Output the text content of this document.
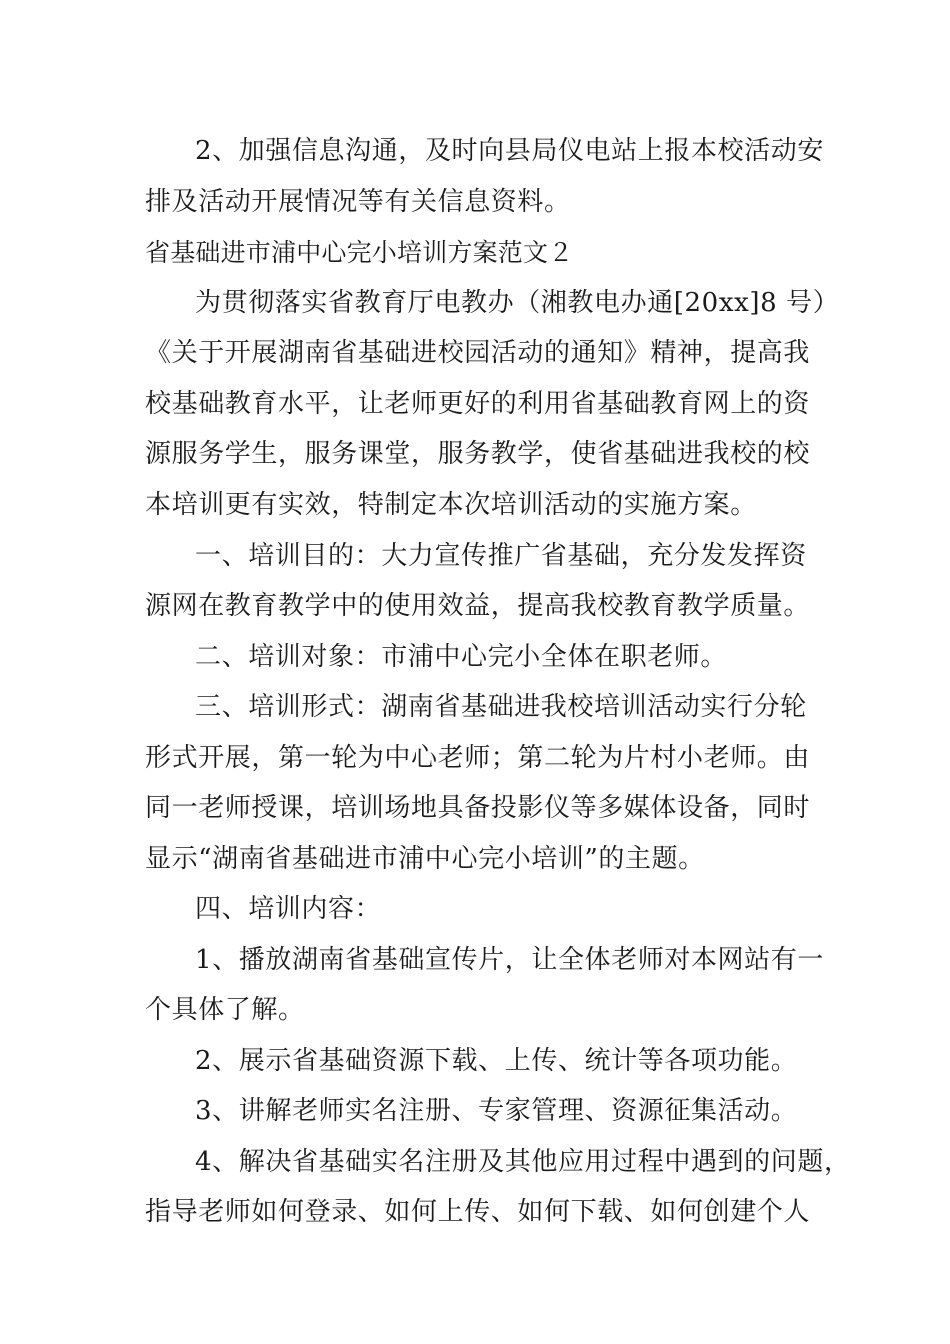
2、加强信息沟通，及时向县局仪电站上报本校活动安
排及活动开展情况等有关信息资料。
省基础进市浦中心完小培训方案范文２
为贯彻落实省教育厅电教办（湘教电办通[20xx]8 号）
《关于开展湖南省基础进校园活动的通知》精神，提高我
校基础教育水平，让老师更好的利用省基础教育网上的资
源服务学生，服务课堂，服务教学，使省基础进我校的校
本培训更有实效，特制定本次培训活动的实施方案。
一、培训目的：大力宣传推广省基础，充分发发挥资
源网在教育教学中的使用效益，提高我校教育教学质量。
二、培训对象：市浦中心完小全体在职老师。
三、培训形式：湖南省基础进我校培训活动实行分轮
形式开展，第一轮为中心老师；第二轮为片村小老师。由
同一老师授课，培训场地具备投影仪等多媒体设备，同时
显示“湖南省基础进市浦中心完小培训”的主题。
四、培训内容：
1、播放湖南省基础宣传片，让全体老师对本网站有一
个具体了解。
2、展示省基础资源下载、上传、统计等各项功能。
3、讲解老师实名注册、专家管理、资源征集活动。
4、解决省基础实名注册及其他应用过程中遇到的问题，
指导老师如何登录、如何上传、如何下载、如何创建个人
